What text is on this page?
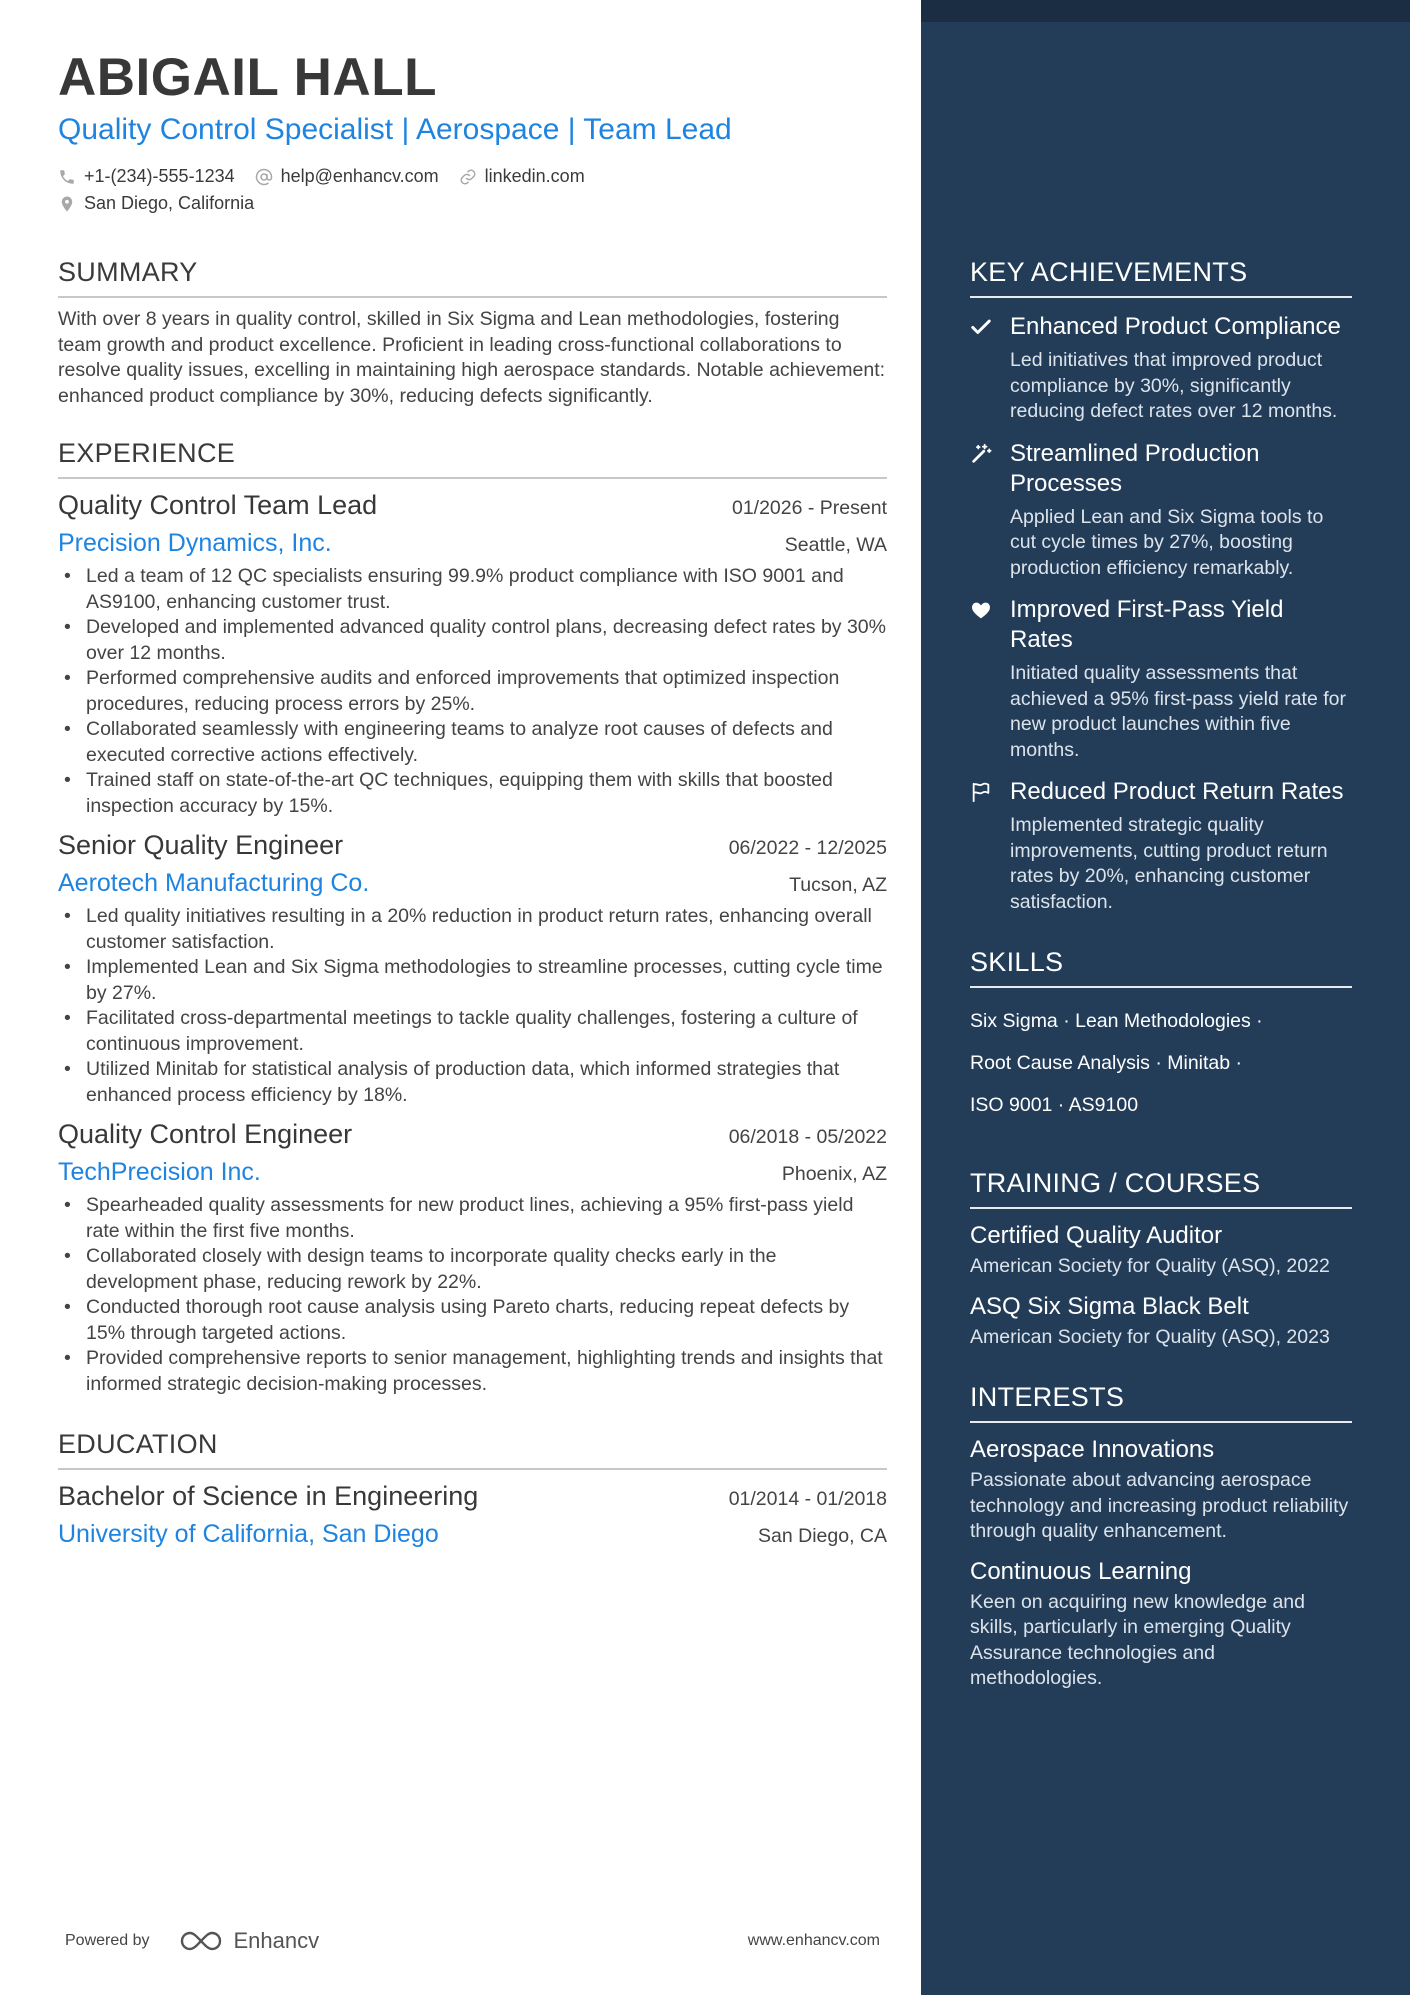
ABIGAIL HALL
Quality Control Specialist | Aerospace | Team Lead
+1-(234)-555-1234	help@enhancv.com	linkedin.com
San Diego, California
SUMMARY
With over 8 years in quality control, skilled in Six Sigma and Lean methodologies, fostering team growth and product excellence. Proficient in leading cross-functional collaborations to resolve quality issues, excelling in maintaining high aerospace standards. Notable achievement: enhanced product compliance by 30%, reducing defects significantly.
EXPERIENCE
Quality Control Team Lead	01/2026 - Present
Precision Dynamics, Inc.	Seattle, WA
• Led a team of 12 QC specialists ensuring 99.9% product compliance with ISO 9001 and AS9100, enhancing customer trust.
• Developed and implemented advanced quality control plans, decreasing defect rates by 30% over 12 months.
• Performed comprehensive audits and enforced improvements that optimized inspection procedures, reducing process errors by 25%.
• Collaborated seamlessly with engineering teams to analyze root causes of defects and executed corrective actions effectively.
• Trained staff on state-of-the-art QC techniques, equipping them with skills that boosted inspection accuracy by 15%.
Senior Quality Engineer	06/2022 - 12/2025
Aerotech Manufacturing Co.	Tucson, AZ
• Led quality initiatives resulting in a 20% reduction in product return rates, enhancing overall customer satisfaction.
• Implemented Lean and Six Sigma methodologies to streamline processes, cutting cycle time by 27%.
• Facilitated cross-departmental meetings to tackle quality challenges, fostering a culture of continuous improvement.
• Utilized Minitab for statistical analysis of production data, which informed strategies that enhanced process efficiency by 18%.
Quality Control Engineer	06/2018 - 05/2022
TechPrecision Inc.	Phoenix, AZ
• Spearheaded quality assessments for new product lines, achieving a 95% first-pass yield rate within the first five months.
• Collaborated closely with design teams to incorporate quality checks early in the development phase, reducing rework by 22%.
• Conducted thorough root cause analysis using Pareto charts, reducing repeat defects by 15% through targeted actions.
• Provided comprehensive reports to senior management, highlighting trends and insights that informed strategic decision-making processes.
EDUCATION
Bachelor of Science in Engineering	01/2014 - 01/2018
University of California, San Diego	San Diego, CA
KEY ACHIEVEMENTS
Enhanced Product Compliance
Led initiatives that improved product compliance by 30%, significantly reducing defect rates over 12 months.
Streamlined Production Processes
Applied Lean and Six Sigma tools to cut cycle times by 27%, boosting production efficiency remarkably.
Improved First-Pass Yield Rates
Initiated quality assessments that achieved a 95% first-pass yield rate for new product launches within five months.
Reduced Product Return Rates
Implemented strategic quality improvements, cutting product return rates by 20%, enhancing customer satisfaction.
SKILLS
Six Sigma · Lean Methodologies ·
Root Cause Analysis · Minitab ·
ISO 9001 · AS9100
TRAINING / COURSES
Certified Quality Auditor
American Society for Quality (ASQ), 2022
ASQ Six Sigma Black Belt
American Society for Quality (ASQ), 2023
INTERESTS
Aerospace Innovations
Passionate about advancing aerospace technology and increasing product reliability through quality enhancement.
Continuous Learning
Keen on acquiring new knowledge and skills, particularly in emerging Quality Assurance technologies and methodologies.
Powered by	Enhancv	www.enhancv.com
